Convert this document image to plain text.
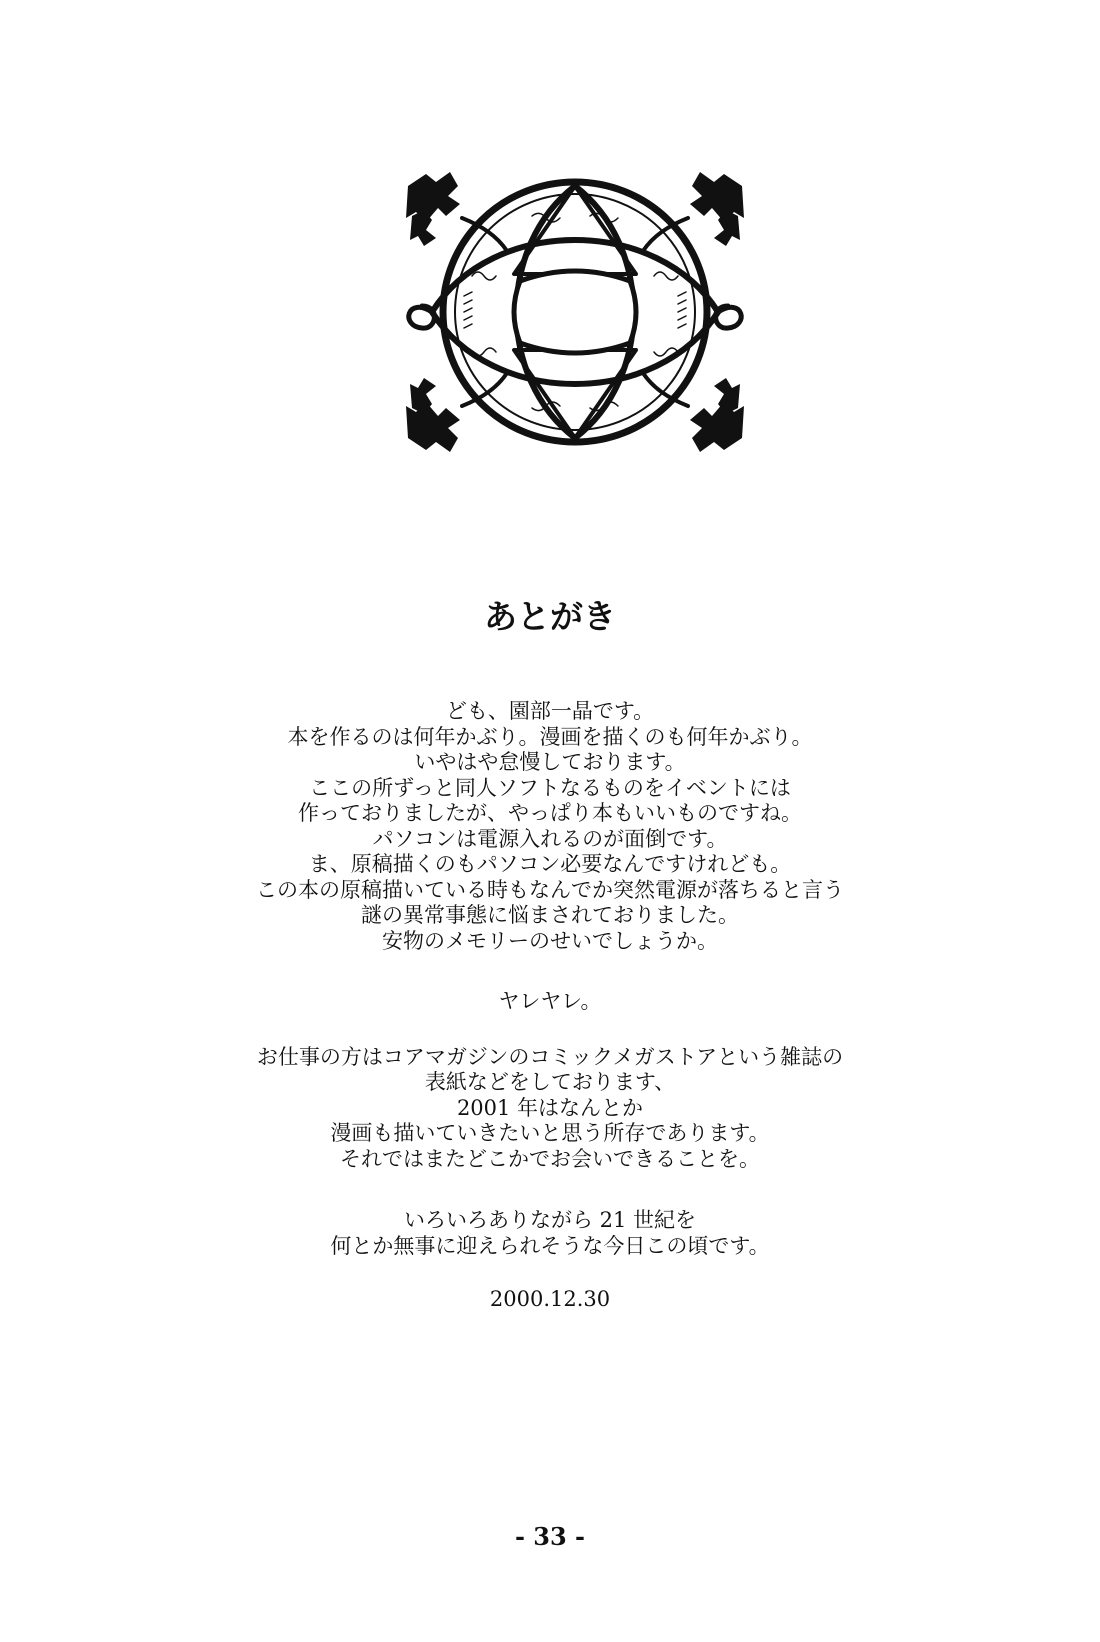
あとがき
ども、園部一晶です。
本を作るのは何年かぶり。漫画を描くのも何年かぶり。
いやはや怠慢しております。
ここの所ずっと同人ソフトなるものをイベントには
作っておりましたが、やっぱり本もいいものですね。
パソコンは電源入れるのが面倒です。
ま、原稿描くのもパソコン必要なんですけれども。
この本の原稿描いている時もなんでか突然電源が落ちると言う
謎の異常事態に悩まされておりました。
安物のメモリーのせいでしょうか。
ヤレヤレ。
お仕事の方はコアマガジンのコミックメガストアという雑誌の
表紙などをしております、
2001 年はなんとか
漫画も描いていきたいと思う所存であります。
それではまたどこかでお会いできることを。
いろいろありながら 21 世紀を
何とか無事に迎えられそうな今日この頃です。
2000.12.30
- 33 -
